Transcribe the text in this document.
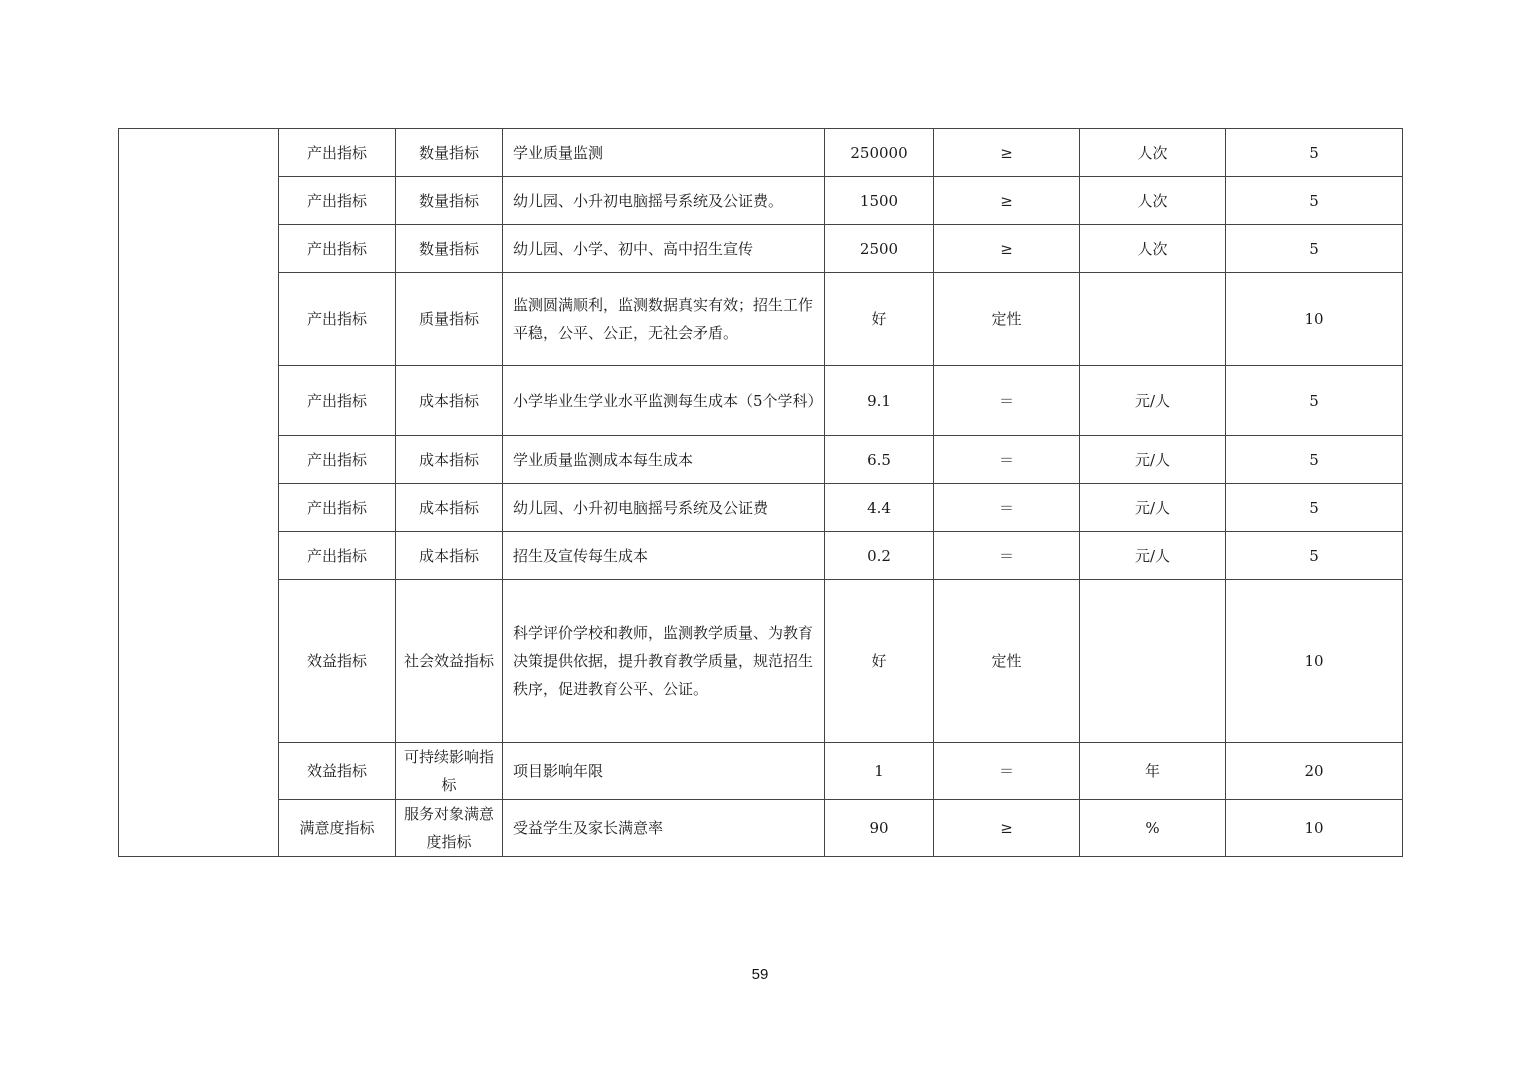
	产出指标	数量指标	学业质量监测	250000	≥	人次	5
	产出指标	数量指标	幼儿园、小升初电脑摇号系统及公证费。	1500	≥	人次	5
	产出指标	数量指标	幼儿园、小学、初中、高中招生宣传	2500	≥	人次	5
	产出指标	质量指标	监测圆满顺利，监测数据真实有效；招生工作平稳，公平、公正，无社会矛盾。	好	定性		10
	产出指标	成本指标	小学毕业生学业水平监测每生成本（5个学科）	9.1	＝	元/人	5
	产出指标	成本指标	学业质量监测成本每生成本	6.5	＝	元/人	5
	产出指标	成本指标	幼儿园、小升初电脑摇号系统及公证费	4.4	＝	元/人	5
	产出指标	成本指标	招生及宣传每生成本	0.2	＝	元/人	5
	效益指标	社会效益指标	科学评价学校和教师，监测教学质量、为教育决策提供依据，提升教育教学质量，规范招生秩序，促进教育公平、公证。	好	定性		10
	效益指标	可持续影响指标	项目影响年限	1	＝	年	20
	满意度指标	服务对象满意度指标	受益学生及家长满意率	90	≥	%	10
59
